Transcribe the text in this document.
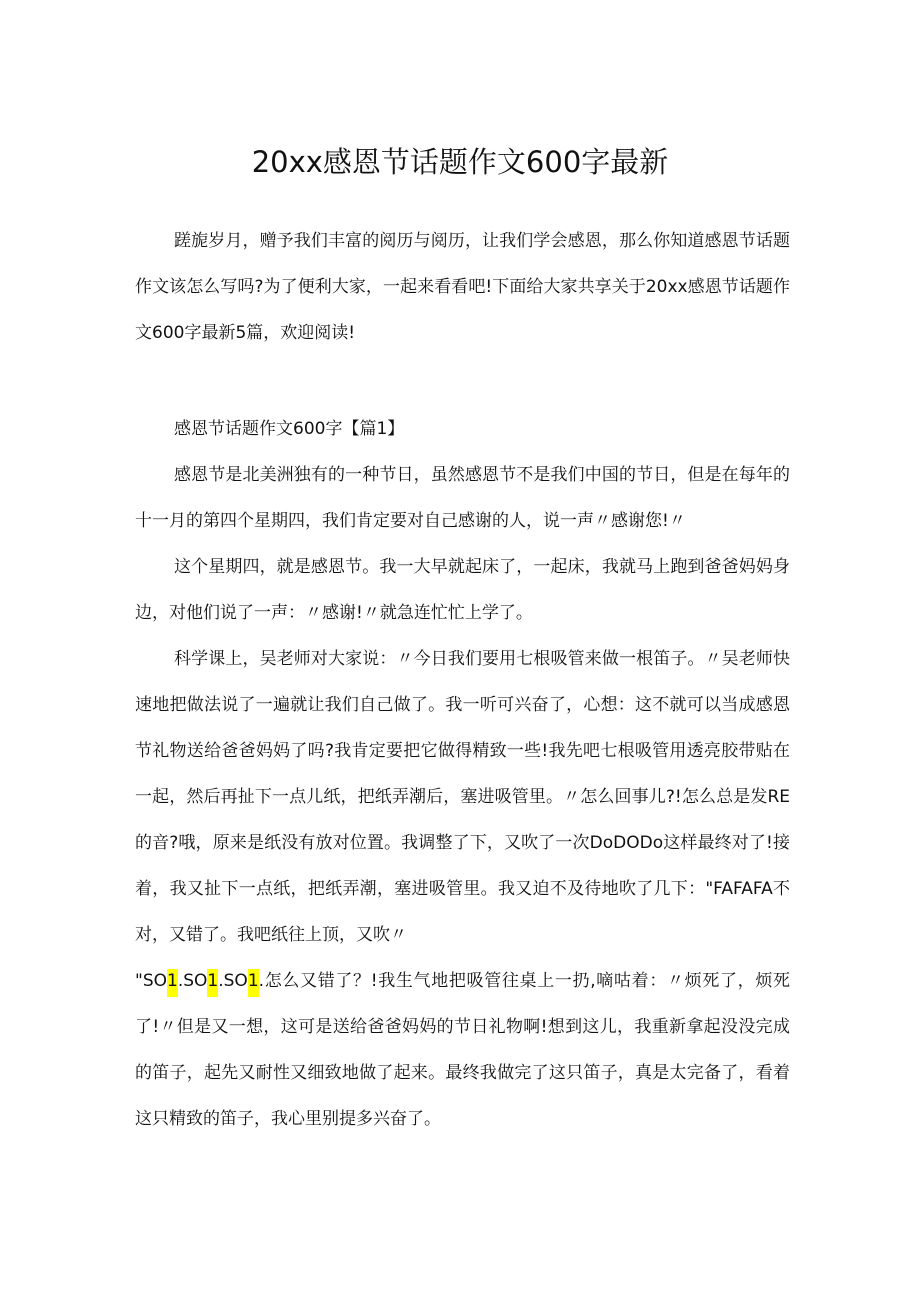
20xx感恩节话题作文600字最新

蹉旎岁月，赠予我们丰富的阅历与阅历，让我们学会感恩，那么你知道感恩节话题作文该怎么写吗?为了便利大家，一起来看看吧!下面给大家共享关于20xx感恩节话题作文600字最新5篇，欢迎阅读!

感恩节话题作文600字【篇1】

感恩节是北美洲独有的一种节日，虽然感恩节不是我们中国的节日，但是在每年的十一月的第四个星期四，我们肯定要对自己感谢的人，说一声〃感谢您!〃

这个星期四，就是感恩节。我一大早就起床了，一起床，我就马上跑到爸爸妈妈身边，对他们说了一声：〃感谢!〃就急连忙忙上学了。

科学课上，吴老师对大家说：〃今日我们要用七根吸管来做一根笛子。〃吴老师快速地把做法说了一遍就让我们自己做了。我一听可兴奋了，心想：这不就可以当成感恩节礼物送给爸爸妈妈了吗?我肯定要把它做得精致一些!我先吧七根吸管用透亮胶带贴在一起，然后再扯下一点儿纸，把纸弄潮后，塞进吸管里。〃怎么回事儿?!怎么总是发RE的音?哦，原来是纸没有放对位置。我调整了下，又吹了一次DoDODo这样最终对了!接着，我又扯下一点纸，把纸弄潮，塞进吸管里。我又迫不及待地吹了几下："FAFAFA不对，又错了。我吧纸往上顶，又吹〃

"SO1.SO1.SO1.怎么又错了？!我生气地把吸管往桌上一扔,嘀咕着：〃烦死了，烦死了!〃但是又一想，这可是送给爸爸妈妈的节日礼物啊!想到这儿，我重新拿起没没完成的笛子，起先又耐性又细致地做了起来。最终我做完了这只笛子，真是太完备了，看着这只精致的笛子，我心里别提多兴奋了。
